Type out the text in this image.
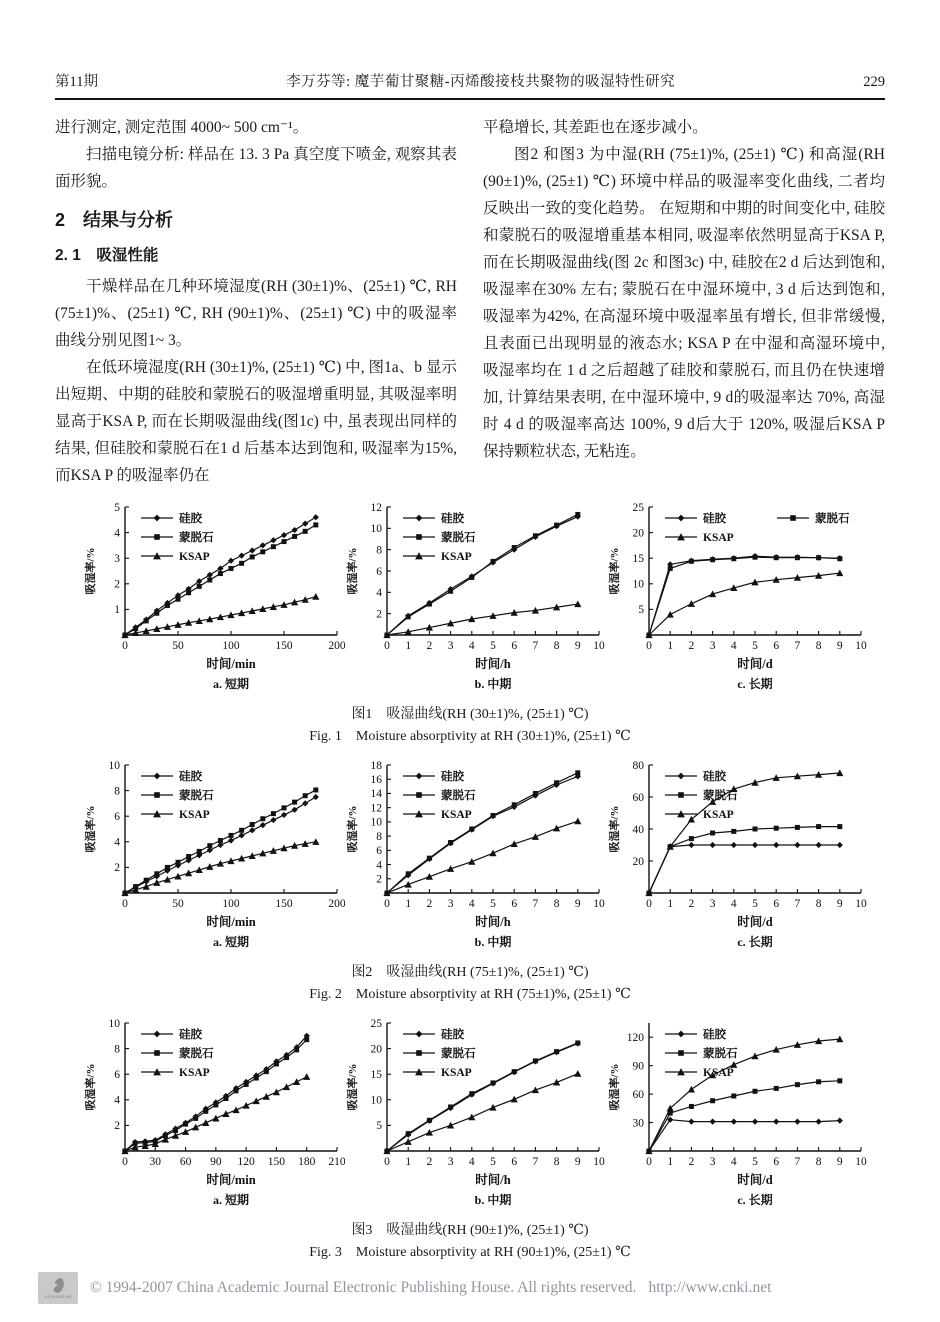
第11期	李万芬等: 魔芋葡甘聚糖-丙烯酸接枝共聚物的吸湿特性研究	229

进行测定, 测定范围 4000~ 500 cm⁻¹。

扫描电镜分析: 样品在 13. 3 Pa 真空度下喷金, 观察其表面形貌。

2　结果与分析
2. 1　吸湿性能

干燥样品在几种环境湿度(RH (30±1)%、(25±1) ℃, RH (75±1)%、(25±1) ℃, RH (90±1)%、(25±1) ℃) 中的吸湿率曲线分别见图1~ 3。

在低环境湿度(RH (30±1)%, (25±1) ℃) 中, 图1a、b 显示出短期、中期的硅胶和蒙脱石的吸湿增重明显, 其吸湿率明显高于KSA P, 而在长期吸湿曲线(图1c) 中, 虽表现出同样的结果, 但硅胶和蒙脱石在1 d 后基本达到饱和, 吸湿率为15%, 而KSA P 的吸湿率仍在

平稳增长, 其差距也在逐步减小。

图2 和图3 为中湿(RH (75±1)%, (25±1) ℃) 和高湿(RH (90±1)%, (25±1) ℃) 环境中样品的吸湿率变化曲线, 二者均反映出一致的变化趋势。 在短期和中期的时间变化中, 硅胶和蒙脱石的吸湿增重基本相同, 吸湿率依然明显高于KSA P, 而在长期吸湿曲线(图 2c 和图3c) 中, 硅胶在2 d 后达到饱和, 吸湿率在30% 左右; 蒙脱石在中湿环境中, 3 d 后达到饱和, 吸湿率为42%, 在高湿环境中吸湿率虽有增长, 但非常缓慢, 且表面已出现明显的液态水; KSA P 在中湿和高湿环境中, 吸湿率均在 1 d 之后超越了硅胶和蒙脱石, 而且仍在快速增加, 计算结果表明, 在中湿环境中, 9 d的吸湿率达 70%, 高湿时 4 d 的吸湿率高达 100%, 9 d后大于 120%, 吸湿后KSA P 保持颗粒状态, 无粘连。

1
2
3
4
5
0	50	100	150	200
吸湿率/%
时间/min
a. 短期
硅胶
蒙脱石
KSAP
2
4
6
8
10
12
0 1 2 3 4 5 6 7 8 9 10
吸湿率/%
时间/h
b. 中期
硅胶
蒙脱石
KSAP
5
10
15
20
25
0 1 2 3 4 5 6 7 8 9 10
吸湿率/%
时间/d
c. 长期
硅胶	蒙脱石
KSAP

图1　吸湿曲线(RH (30±1)%, (25±1) ℃)

Fig. 1　Moisture absorptivity at RH (30±1)%, (25±1) ℃

2
4
6
8
10
0	50	100	150	200
吸湿率/%
时间/min
a. 短期
硅胶
蒙脱石
KSAP
2
4
6
8
10
12
14
16
18
0 1 2 3 4 5 6 7 8 9 10
吸湿率/%
时间/h
b. 中期
硅胶
蒙脱石
KSAP
20
40
60
80
0 1 2 3 4 5 6 7 8 9 10
吸湿率/%
时间/d
c. 长期
硅胶
蒙脱石
KSAP

图2　吸湿曲线(RH (75±1)%, (25±1) ℃)

Fig. 2　Moisture absorptivity at RH (75±1)%, (25±1) ℃

2
4
6
8
10
0 30 60 90 120 150 180 210
吸湿率/%
时间/min
a. 短期
硅胶
蒙脱石
KSAP
5
10
15
20
25
0 1 2 3 4 5 6 7 8 9 10
吸湿率/%
时间/h
b. 中期
硅胶
蒙脱石
KSAP
30
60
90
120
0 1 2 3 4 5 6 7 8 9 10
吸湿率/%
时间/d
c. 长期
硅胶
蒙脱石
KSAP

图3　吸湿曲线(RH (90±1)%, (25±1) ℃)

Fig. 3　Moisture absorptivity at RH (90±1)%, (25±1) ℃

www.cnki.net
© 1994-2007 China Academic Journal Electronic Publishing House. All rights reserved. http://www.cnki.net
